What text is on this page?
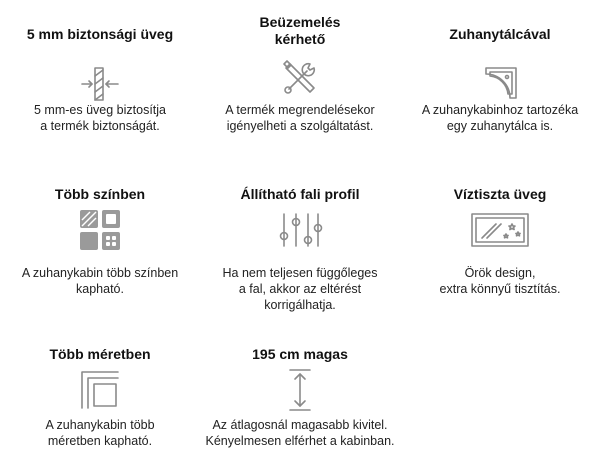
5 mm biztonsági üveg
5 mm-es üveg biztosítja
a termék biztonságát.
Beüzemelés
kérhető
A termék megrendelésekor
igényelheti a szolgáltatást.
Zuhanytálcával
A zuhanykabinhoz tartozéka
egy zuhanytálca is.
Több színben
A zuhanykabin több színben
kapható.
Állítható fali profil
Ha nem teljesen függőleges
a fal, akkor az eltérést
korrigálhatja.
Víztiszta üveg
Örök design,
extra könnyű tisztítás.
Több méretben
A zuhanykabin több
méretben kapható.
195 cm magas
Az átlagosnál magasabb kivitel.
Kényelmesen elférhet a kabinban.
